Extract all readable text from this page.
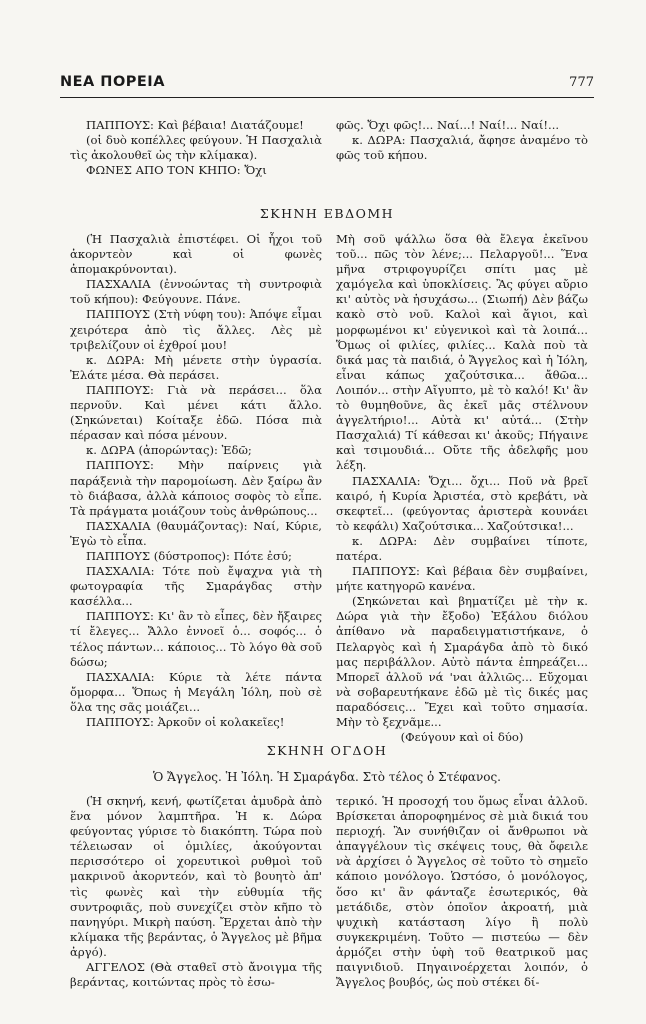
ΝΕΑ ΠΟΡΕΙΑ	777

ΠΑΠΠΟΥΣ: Καὶ βέβαια! Διατάζουμε!

(οἱ δυὸ κοπέλλες φεύγουν. Ἡ Πασχαλιὰ τὶς ἀκολουθεῖ ὡς τὴν κλίμακα).

ΦΩΝΕΣ ΑΠΟ ΤΟΝ ΚΗΠΟ: Ὄχι

φῶς. Ὄχι φῶς!... Ναί...! Ναί!... Ναί!...

κ. ΔΩΡΑ: Πασχαλιά, ἄφησε ἀναμένο τὸ φῶς τοῦ κήπου.

ΣΚΗΝΗ ΕΒΔΟΜΗ

(Ἡ Πασχαλιὰ ἐπιστέφει. Οἱ ἦχοι τοῦ ἀκορντεὸν καὶ οἱ φωνὲς ἀπομακρύνονται).

ΠΑΣΧΑΛΙΑ (ἐννοώντας τὴ συντροφιὰ τοῦ κήπου): Φεύγουνε. Πάνε.

ΠΑΠΠΟΥΣ (Στὴ νύφη του): Ἀπόψε εἶμαι χειρότερα ἀπὸ τὶς ἄλλες. Λὲς μὲ τριβελίζουν οἱ ἐχθροί μου!

κ. ΔΩΡΑ: Μὴ μένετε στὴν ὑγρασία. Ἐλάτε μέσα. Θὰ περάσει.

ΠΑΠΠΟΥΣ: Γιὰ νὰ περάσει... ὅλα περνοῦν. Καὶ μένει κάτι ἄλλο. (Σηκώνεται) Κοίταξε ἐδῶ. Πόσα πιὰ πέρασαν καὶ πόσα μένουν.

κ. ΔΩΡΑ (ἀπορώντας): Ἐδῶ;

ΠΑΠΠΟΥΣ: Μὴν παίρνεις γιὰ παράξενιὰ τὴν παρομοίωση. Δὲν ξαίρω ἂν τὸ διάβασα, ἀλλὰ κάποιος σοφὸς τὸ εἶπε. Τὰ πράγματα μοιάζουν τοὺς ἀνθρώπους...

ΠΑΣΧΑΛΙΑ (θαυμάζοντας): Ναί, Κύριε, Ἐγὼ τὸ εἶπα.

ΠΑΠΠΟΥΣ (δύστροπος): Πότε ἐσύ;

ΠΑΣΧΑΛΙΑ: Τότε ποὺ ἔψαχνα γιὰ τὴ φωτογραφία τῆς Σμαράγδας στὴν κασέλλα...

ΠΑΠΠΟΥΣ: Κι' ἂν τὸ εἶπες, δὲν ἤξαιρες τί ἔλεγες... Ἄλλο ἐννοεῖ ὁ... σοφός... ὁ τέλος πάντων... κάποιος... Τὸ λόγο θὰ σοῦ δώσω;

ΠΑΣΧΑΛΙΑ: Κύριε τὰ λέτε πάντα ὄμορφα... Ὅπως ἡ Μεγάλη Ἰόλη, ποὺ σὲ ὅλα της σᾶς μοιάζει...

ΠΑΠΠΟΥΣ: Ἀρκοῦν οἱ κολακεῖες!

Μὴ σοῦ ψάλλω ὅσα θὰ ἔλεγα ἐκεῖνου τοῦ... πῶς τὸν λένε;... Πελαργοῦ!... Ἕνα μῆνα στριφογυρίζει σπίτι μας μὲ χαμόγελα καὶ ὑποκλίσεις. Ἂς φύγει αὔριο κι' αὐτὸς νὰ ἡσυχάσω... (Σιωπή) Δὲν βάζω κακὸ στὸ νοῦ. Καλοὶ καὶ ἅγιοι, καὶ μορφωμένοι κι' εὐγενικοὶ καὶ τὰ λοιπά... Ὅμως οἱ φιλίες, φιλίες... Καλὰ ποὺ τὰ δικά μας τὰ παιδιά, ὁ Ἄγγελος καὶ ἡ Ἰόλη, εἶναι κάπως χαζούτσικα... ἄθῶα... Λοιπόν... στὴν Αἴγυπτο, μὲ τὸ καλό! Κι' ἂν τὸ θυμηθοῦνε, ἂς ἐκεῖ μᾶς στέλνουν ἀγγελτήριο!... Αὐτὰ κι' αὐτά... (Στὴν Πασχαλιά) Τί κάθεσαι κι' ἀκοῦς; Πήγαινε καὶ τσιμουδιά... Οὔτε τῆς ἀδελφῆς μου λέξη.

ΠΑΣΧΑΛΙΑ: Ὄχι... ὄχι... Ποῦ νὰ βρεῖ καιρό, ἡ Κυρία Ἀριστέα, στὸ κρεβάτι, νὰ σκεφτεῖ... (φεύγοντας ἀριστερὰ κουνάει τὸ κεφάλι) Χαζούτσικα... Χαζούτσικα!...

κ. ΔΩΡΑ: Δὲν συμβαίνει τίποτε, πατέρα.

ΠΑΠΠΟΥΣ: Καὶ βέβαια δὲν συμβαίνει, μήτε κατηγορῶ κανένα.

(Σηκώνεται καὶ βηματίζει μὲ τὴν κ. Δώρα γιὰ τὴν ἔξοδο) Ἐξάλου διόλου ἀπίθανο νὰ παραδειγματιστήκανε, ὁ Πελαργὸς καὶ ἡ Σμαράγδα ἀπὸ τὸ δικό μας περιβάλλον. Αὐτὸ πάντα ἐπηρεάζει... Μπορεῖ ἀλλοῦ νά 'ναι ἀλλιῶς... Εὔχομαι νὰ σοβαρευτήκανε ἐδῶ μὲ τὶς δικές μας παραδόσεις... Ἔχει καὶ τοῦτο σημασία. Μὴν τὸ ξεχνᾶμε...

(Φεύγουν καὶ οἱ δύο)

ΣΚΗΝΗ ΟΓΔΟΗ
Ὁ Ἄγγελος. Ἡ Ἰόλη. Ἡ Σμαράγδα. Στὸ τέλος ὁ Στέφανος.

(Ἡ σκηνή, κενή, φωτίζεται ἀμυδρὰ ἀπὸ ἕνα μόνον λαμπτῆρα. Ἡ κ. Δώρα φεύγοντας γύρισε τὸ διακόπτη. Τώρα ποὺ τέλειωσαν οἱ ὁμιλίες, ἀκούγονται περισσότερο οἱ χορευτικοὶ ρυθμοὶ τοῦ μακρινοῦ ἀκορντεόν, καὶ τὸ βουητὸ ἀπ' τὶς φωνὲς καὶ τὴν εὐθυμία τῆς συντροφιᾶς, ποὺ συνεχίζει στὸν κῆπο τὸ πανηγύρι. Μικρὴ παύση. Ἔρχεται ἀπὸ τὴν κλίμακα τῆς βεράντας, ὁ Ἄγγελος μὲ βῆμα ἀργό).

ΑΓΓΕΛΟΣ (Θὰ σταθεῖ στὸ ἄνοιγμα τῆς βεράντας, κοιτώντας πρὸς τὸ ἐσω-

τερικό. Ἡ προσοχή του ὅμως εἶναι ἀλλοῦ. Βρίσκεται ἀποροφημένος σὲ μιὰ δικιά του περιοχή. Ἂν συνήθιζαν οἱ ἄνθρωποι νὰ ἀπαγγέλουν τὶς σκέψεις τους, θὰ ὄφειλε νὰ ἀρχίσει ὁ Ἄγγελος σὲ τοῦτο τὸ σημεῖο κάποιο μονόλογο. Ὡστόσο, ὁ μονόλογος, ὅσο κι' ἂν φάνταζε ἐσωτερικός, θὰ μετάδιδε, στὸν ὁποῖον ἀκροατή, μιὰ ψυχικὴ κατάσταση λίγο ἢ πολὺ συγκεκριμένη. Τοῦτο — πιστεύω — δὲν ἁρμόζει στὴν ὑφὴ τοῦ θεατρικοῦ μας παιγνιδιοῦ. Πηγαινοέρχεται λοιπόν, ὁ Ἄγγελος βουβός, ὡς ποὺ στέκει δί-
